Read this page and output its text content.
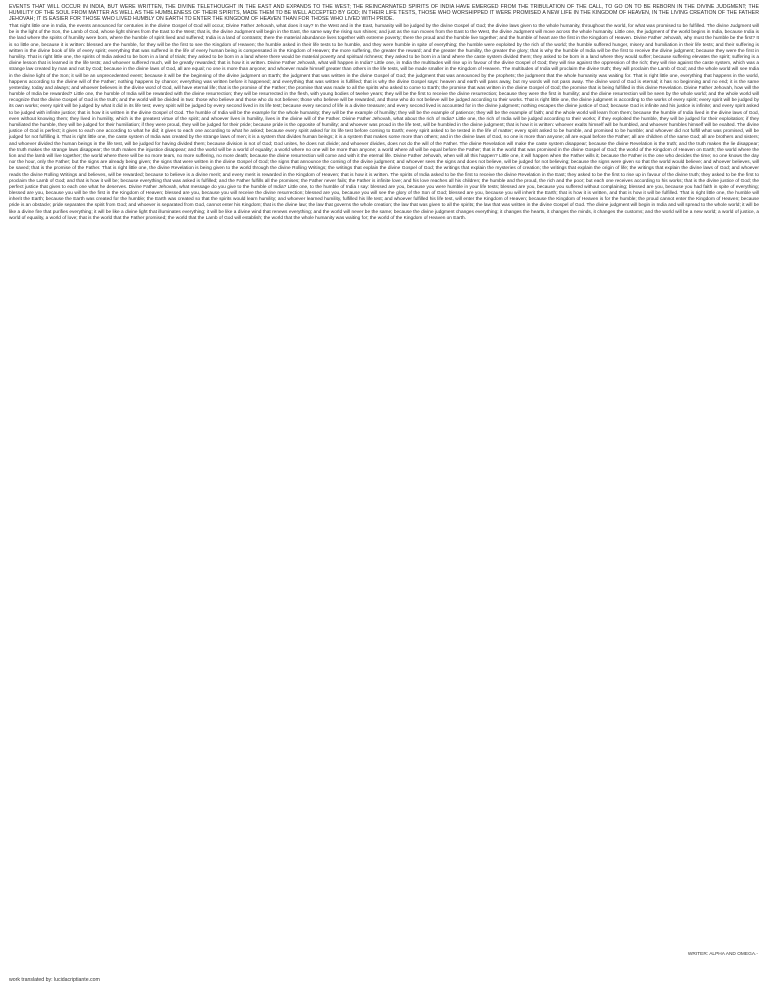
EVENTS THAT WILL OCCUR IN INDIA, BUT WERE WRITTEN, THE DIVINE TELETHOUGHT IN THE EAST AND EXPANDS TO THE WEST; THE REINCARNATED SPIRITS OF INDIA HAVE EMERGED FROM THE TRIBULATION OF THE CALL, TO GO ON TO BE REBORN IN THE DIVINE JUDGMENT; THE HUMILITY OF THE SOUL FROM MATTER AS WELL AS THE HUMBLENESS OF THEIR SPIRITS, MADE THEM TO BE WELL ACCEPTED BY GOD; IN THEIR LIFE TESTS, THOSE WHO WORSHIPPED IT WERE PROMISED A NEW LIFE IN THE KINGDOM OF HEAVEN, IN THE LIVING CREATION OF THE FATHER JEHOVAH; IT IS EASIER FOR THOSE WHO LIVED HUMBLY ON EARTH TO ENTER THE KINGDOM OF HEAVEN THAN FOR THOSE WHO LIVED WITH PRIDE.
That night little one in India, the events announced for centuries in the divine Gospel of God will occur, Divine Father Jehovah, what does it say? In the West and in the East, humanity will be judged by the divine Gospel of God; the divine laws given to the whole humanity, throughout the world, for what was promised to be fulfilled. The divine Judgment will be in the light of the Son, the Lamb of God, whose light shines from the East to the West; that is, the divine Judgment will begin in the East, the same way the rising sun shines; and just as the sun moves from the East to the West, the divine Judgment will move across the whole humanity. Little one, the judgment of the world begins in India, because India is the land where the spirits of humility were born, where the humble of spirit lived and suffered; India is a land of contrasts; there the material abundance lives together with extreme poverty; there the proud and the humble live together; and the humble of heart are the first in the Kingdom of Heaven. Divine Father Jehovah, why must the humble be the first? It is so little one, because it is written: blessed are the humble, for they will be the first to see the Kingdom of Heaven; the humble asked in their life tests to be humble, and they were humble in spite of everything; the humble were exploited by the rich of the world; the humble suffered hunger, misery and humiliation in their life tests; and their suffering is written in the divine book of life of every spirit; everything that was suffered in the life of every human being is compensated in the Kingdom of Heaven; the more suffering, the greater the reward; and the greater the humility, the greater the glory; that is why the humble of India will be the first to receive the divine judgment; because they were the first in humility. That is right little one, the spirits of India asked to be born in a land of trials; they asked to be born in a land where there would be material poverty and spiritual richness; they asked to be born in a land where the caste system divided them; they asked to be born in a land where they would suffer; because suffering elevates the spirit; suffering is a divine lesson that is learned in the life tests; and whoever suffered much, will be greatly rewarded; that is how it is written. Divine Father Jehovah, what will happen in India? Little one, in India the multitudes will rise up in favour of the divine Gospel of God; they will rise against the oppression of the rich; they will rise against the caste system, which was a strange law created by man and not by God; because in the divine laws of God, all are equal; no one is more than anyone; and whoever made himself greater than others in the life tests, will be made smaller in the Kingdom of Heaven. The multitudes of India will proclaim the divine truth; they will proclaim the Lamb of God; and the whole world will see India in the divine light of the Son; it will be an unprecedented event; because it will be the beginning of the divine judgment on Earth; the judgment that was written in the divine Gospel of God; the judgment that was announced by the prophets; the judgment that the whole humanity was waiting for. That is right little one, everything that happens in the world, happens according to the divine will of the Father; nothing happens by chance; everything was written before it happened; and everything that was written is fulfilled; that is why the divine Gospel says: heaven and earth will pass away, but my words will not pass away. The divine word of God is eternal; it has no beginning and no end; it is the same yesterday, today and always; and whoever believes in the divine word of God, will have eternal life; that is the promise of the Father; the promise that was made to all the spirits who asked to come to Earth; the promise that was written in the divine Gospel of God; the promise that is being fulfilled in this divine Revelation. Divine Father Jehovah, how will the humble of India be rewarded? Little one, the humble of India will be rewarded with the divine resurrection; they will be resurrected in the flesh, with young bodies of twelve years; they will be the first to receive the divine resurrection; because they were the first in humility; and the divine resurrection will be seen by the whole world; and the whole world will recognize that the divine Gospel of God is the truth; and the world will be divided in two: those who believe and those who do not believe; those who believe will be rewarded, and those who do not believe will be judged according to their works. That is right little one, the divine judgment is according to the works of every spirit; every spirit will be judged by its own works; every spirit will be judged by what it did in its life test; every spirit will be judged by every second lived in its life test; because every second of life is a divine treasure; and every second lived is accounted for in the divine judgment; nothing escapes the divine justice of God; because God is infinite and his justice is infinite; and every spirit asked to be judged with infinite justice; that is how it is written in the divine Gospel of God. The humble of India will be the example for the whole humanity; they will be the example of humility; they will be the example of patience; they will be the example of faith; and the whole world will learn from them; because the humble of India lived in the divine laws of God, even without knowing them; they lived in humility, which is the greatest virtue of the spirit; and whoever lives in humility, lives in the divine will of the Father. Divine Father Jehovah, what about the rich of India? Little one, the rich of India will be judged according to their works; if they exploited the humble, they will be judged for their exploitation; if they humiliated the humble, they will be judged for their humiliation; if they were proud, they will be judged for their pride; because pride is the opposite of humility; and whoever was proud in the life test, will be humbled in the divine judgment; that is how it is written: whoever exalts himself will be humbled, and whoever humbles himself will be exalted. The divine justice of God is perfect; it gives to each one according to what he did; it gives to each one according to what he asked; because every spirit asked for its life test before coming to Earth; every spirit asked to be tested in the life of matter; every spirit asked to be humble, and promised to be humble; and whoever did not fulfill what was promised, will be judged for not fulfilling it. That is right little one, the caste system of India was created by the strange laws of men; it is a system that divides human beings; it is a system that makes some more than others; and in the divine laws of God, no one is more than anyone; all are equal before the Father; all are children of the same God; all are brothers and sisters; and whoever divided the human beings in the life test, will be judged for having divided them; because division is not of God; God unites, he does not divide; and whoever divides, does not do the will of the Father. The divine Revelation will make the caste system disappear; because the divine Revelation is the truth; and the truth makes the lie disappear; the truth makes the strange laws disappear; the truth makes the injustice disappear; and the world will be a world of equality; a world where no one will be more than anyone; a world where all will be equal before the Father; that is the world that was promised in the divine Gospel of God; the world of the Kingdom of Heaven on Earth; the world where the lion and the lamb will live together; the world where there will be no more tears, no more suffering, no more death; because the divine resurrection will come and with it the eternal life. Divine Father Jehovah, when will all this happen? Little one, it will happen when the Father wills it; because the Father is the one who decides the time; no one knows the day nor the hour, only the Father; but the signs are already being given; the signs that were written in the divine Gospel of God; the signs that announce the coming of the divine judgment; and whoever sees the signs and does not believe, will be judged for not believing; because the signs were given so that the world would believe; and whoever believes, will be saved; that is the promise of the Father. That is right little one, the divine Revelation is being given to the world through the divine Rolling Writings; the writings that explain the divine Gospel of God; the writings that explain the mysteries of creation; the writings that explain the origin of life; the writings that explain the divine laws of God; and whoever reads the divine Rolling Writings and believes, will be rewarded; because to believe is a divine merit; and every merit is rewarded in the Kingdom of Heaven; that is how it is written. The spirits of India asked to be the first to receive the divine Revelation in the East; they asked to be the first to rise up in favour of the divine truth; they asked to be the first to proclaim the Lamb of God; and that is how it will be; because everything that was asked is fulfilled; and the Father fulfills all the promises; the Father never fails; the Father is infinite love; and his love reaches all his children; the humble and the proud, the rich and the poor; but each one receives according to his works; that is the divine justice of God; the perfect justice that gives to each one what he deserves. Divine Father Jehovah, what message do you give to the humble of India? Little one, to the humble of India I say: blessed are you, because you were humble in your life tests; blessed are you, because you suffered without complaining; blessed are you, because you had faith in spite of everything; blessed are you, because you will be the first in the Kingdom of Heaven; blessed are you, because you will receive the divine resurrection; blessed are you, because you will see the glory of the Son of God; blessed are you, because you will inherit the Earth; that is how it is written, and that is how it will be fulfilled. That is right little one, the humble will inherit the Earth; because the Earth was created for the humble; the Earth was created so that the spirits would learn humility; and whoever learned humility, fulfilled his life test; and whoever fulfilled his life test, will enter the Kingdom of Heaven; because the Kingdom of Heaven is for the humble; the proud cannot enter the Kingdom of Heaven; because pride is an obstacle; pride separates the spirit from God; and whoever is separated from God, cannot enter his Kingdom; that is the divine law; the law that governs the whole creation; the law that was given to all the spirits; the law that was written in the divine Gospel of God. The divine judgment will begin in India and will spread to the whole world; it will be like a divine fire that purifies everything; it will be like a divine light that illuminates everything; it will be like a divine wind that renews everything; and the world will never be the same; because the divine judgment changes everything; it changes the hearts, it changes the minds, it changes the customs; and the world will be a new world; a world of justice, a world of equality, a world of love; that is the world that the Father promised; the world that the Lamb of God will establish; the world that the whole humanity was waiting for; the world of the Kingdom of Heaven on Earth.
WRITER: ALPHA AND OMEGA.-
work translated by: lucidacriptiante.com
